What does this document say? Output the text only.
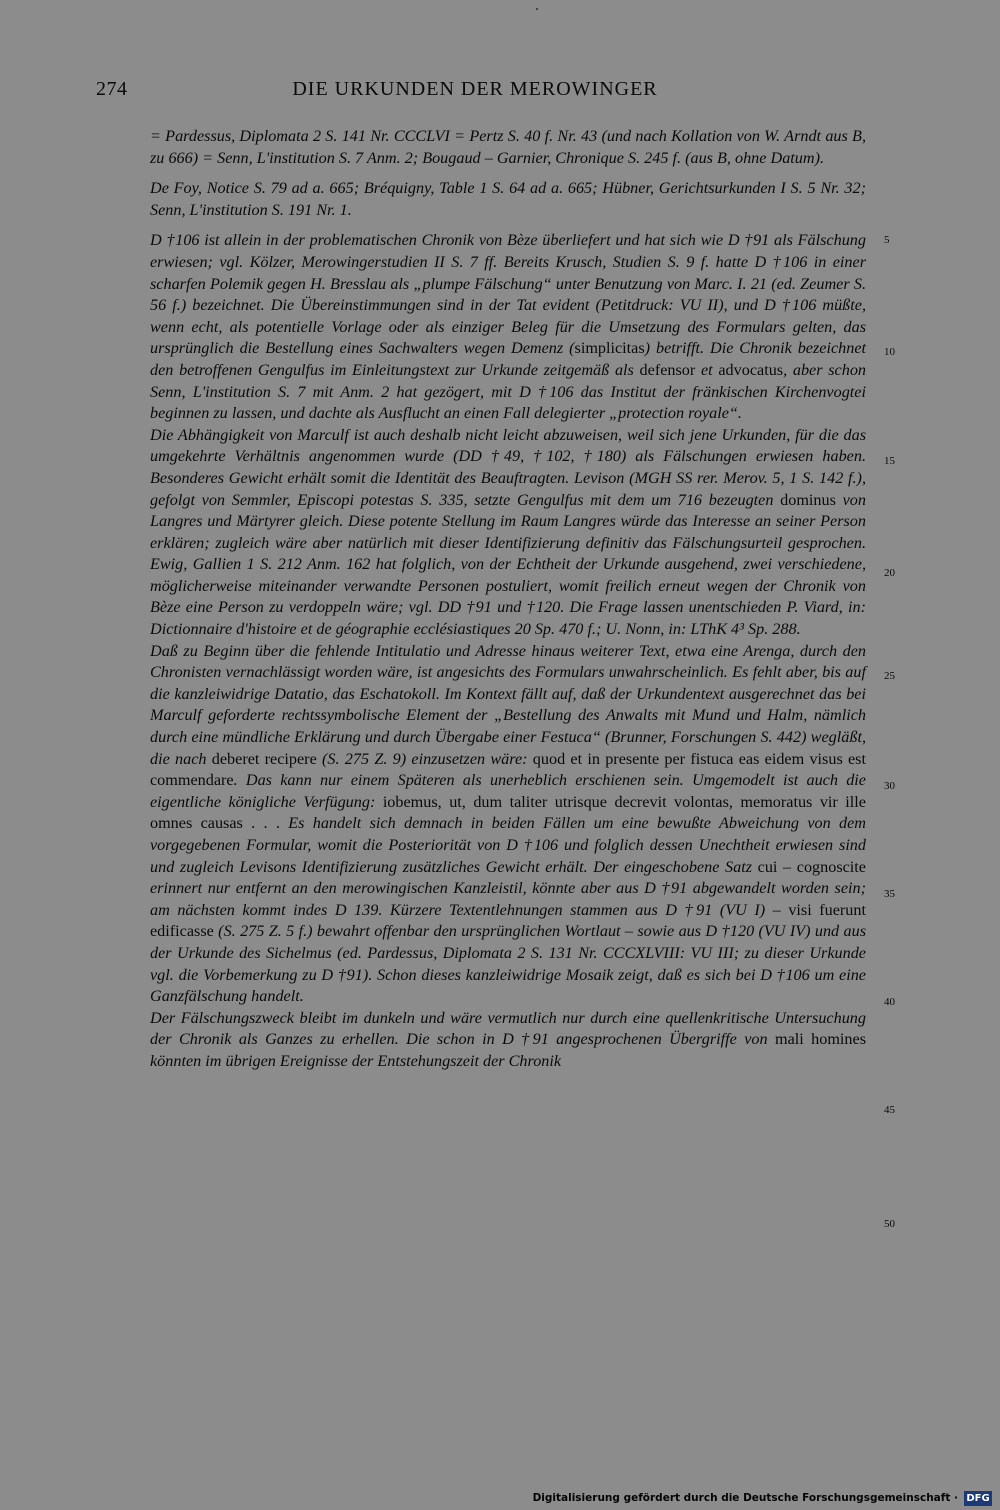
274	DIE URKUNDEN DER MEROWINGER

= Pardessus, Diplomata 2 S. 141 Nr. CCCLVI = Pertz S. 40 f. Nr. 43 (und nach Kollation von W. Arndt aus B, zu 666) = Senn, L'institution S. 7 Anm. 2; Bougaud – Garnier, Chronique S. 245 f. (aus B, ohne Datum).

De Foy, Notice S. 79 ad a. 665; Bréquigny, Table 1 S. 64 ad a. 665; Hübner, Gerichtsurkunden I S. 5 Nr. 32; Senn, L'institution S. 191 Nr. 1.

D †106 ist allein in der problematischen Chronik von Bèze überliefert und hat sich wie D †91 als Fälschung erwiesen; vgl. Kölzer, Merowingerstudien II S. 7 ff. Bereits Krusch, Studien S. 9 f. hatte D †106 in einer scharfen Polemik gegen H. Bresslau als „plumpe Fälschung“ unter Benutzung von Marc. I. 21 (ed. Zeumer S. 56 f.) bezeichnet. Die Übereinstimmungen sind in der Tat evident (Petitdruck: VU II), und D †106 müßte, wenn echt, als potentielle Vorlage oder als einziger Beleg für die Umsetzung des Formulars gelten, das ursprünglich die Bestellung eines Sachwalters wegen Demenz (simplicitas) betrifft. Die Chronik bezeichnet den betroffenen Gengulfus im Einleitungstext zur Urkunde zeitgemäß als defensor et advocatus, aber schon Senn, L'institution S. 7 mit Anm. 2 hat gezögert, mit D †106 das Institut der fränkischen Kirchenvogtei beginnen zu lassen, und dachte als Ausflucht an einen Fall delegierter „protection royale“.

Die Abhängigkeit von Marculf ist auch deshalb nicht leicht abzuweisen, weil sich jene Urkunden, für die das umgekehrte Verhältnis angenommen wurde (DD †49, †102, †180) als Fälschungen erwiesen haben. Besonderes Gewicht erhält somit die Identität des Beauftragten. Levison (MGH SS rer. Merov. 5, 1 S. 142 f.), gefolgt von Semmler, Episcopi potestas S. 335, setzte Gengulfus mit dem um 716 bezeugten dominus von Langres und Märtyrer gleich. Diese potente Stellung im Raum Langres würde das Interesse an seiner Person erklären; zugleich wäre aber natürlich mit dieser Identifizierung definitiv das Fälschungsurteil gesprochen. Ewig, Gallien 1 S. 212 Anm. 162 hat folglich, von der Echtheit der Urkunde ausgehend, zwei verschiedene, möglicherweise miteinander verwandte Personen postuliert, womit freilich erneut wegen der Chronik von Bèze eine Person zu verdoppeln wäre; vgl. DD †91 und †120. Die Frage lassen unentschieden P. Viard, in: Dictionnaire d'histoire et de géographie ecclésiastiques 20 Sp. 470 f.; U. Nonn, in: LThK 4³ Sp. 288.

Daß zu Beginn über die fehlende Intitulatio und Adresse hinaus weiterer Text, etwa eine Arenga, durch den Chronisten vernachlässigt worden wäre, ist angesichts des Formulars unwahrscheinlich. Es fehlt aber, bis auf die kanzleiwidrige Datatio, das Eschatokoll. Im Kontext fällt auf, daß der Urkundentext ausgerechnet das bei Marculf geforderte rechtssymbolische Element der „Bestellung des Anwalts mit Mund und Halm, nämlich durch eine mündliche Erklärung und durch Übergabe einer Festuca“ (Brunner, Forschungen S. 442) wegläßt, die nach deberet recipere (S. 275 Z. 9) einzusetzen wäre: quod et in presente per fistuca eas eidem visus est commendare. Das kann nur einem Späteren als unerheblich erschienen sein. Umgemodelt ist auch die eigentliche königliche Verfügung: iobemus, ut, dum taliter utrisque decrevit volontas, memoratus vir ille omnes causas . . . Es handelt sich demnach in beiden Fällen um eine bewußte Abweichung von dem vorgegebenen Formular, womit die Posteriorität von D †106 und folglich dessen Unechtheit erwiesen sind und zugleich Levisons Identifizierung zusätzliches Gewicht erhält. Der eingeschobene Satz cui – cognoscite erinnert nur entfernt an den merowingischen Kanzleistil, könnte aber aus D †91 abgewandelt worden sein; am nächsten kommt indes D 139. Kürzere Textentlehnungen stammen aus D †91 (VU I) – visi fuerunt edificasse (S. 275 Z. 5 f.) bewahrt offenbar den ursprünglichen Wortlaut – sowie aus D †120 (VU IV) und aus der Urkunde des Sichelmus (ed. Pardessus, Diplomata 2 S. 131 Nr. CCCXLVIII: VU III; zu dieser Urkunde vgl. die Vorbemerkung zu D †91). Schon dieses kanzleiwidrige Mosaik zeigt, daß es sich bei D †106 um eine Ganzfälschung handelt.

Der Fälschungszweck bleibt im dunkeln und wäre vermutlich nur durch eine quellenkritische Untersuchung der Chronik als Ganzes zu erhellen. Die schon in D †91 angesprochenen Übergriffe von mali homines könnten im übrigen Ereignisse der Entstehungszeit der Chronik

5
10
15
20
25
30
35
40
45
50
Digitalisierung gefördert durch die Deutsche Forschungsgemeinschaft · DFG
